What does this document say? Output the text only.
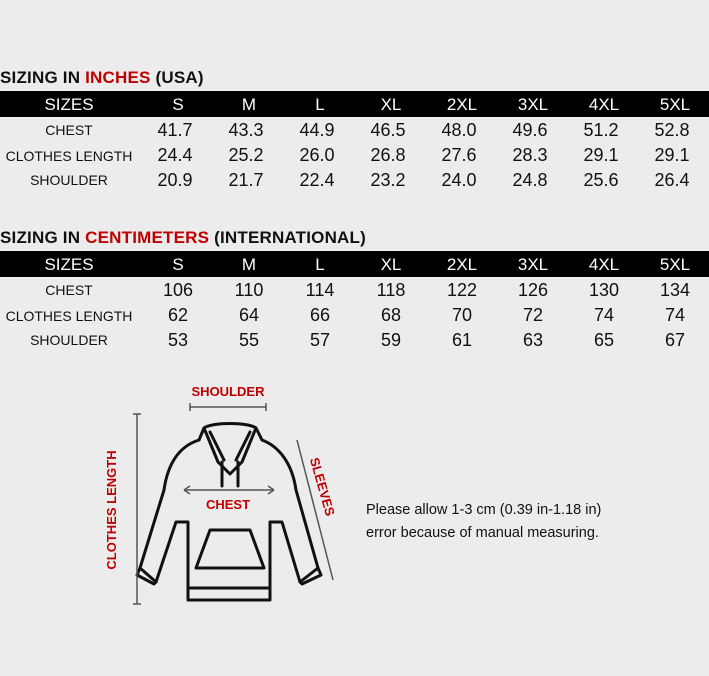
SIZING IN INCHES (USA)
SIZES	S	M	L	XL	2XL	3XL	4XL	5XL
CHEST	41.7	43.3	44.9	46.5	48.0	49.6	51.2	52.8
CLOTHES LENGTH	24.4	25.2	26.0	26.8	27.6	28.3	29.1	29.1
SHOULDER	20.9	21.7	22.4	23.2	24.0	24.8	25.6	26.4
SIZING IN CENTIMETERS (INTERNATIONAL)
SIZES	S	M	L	XL	2XL	3XL	4XL	5XL
CHEST	106	110	114	118	122	126	130	134
CLOTHES LENGTH	62	64	66	68	70	72	74	74
SHOULDER	53	55	57	59	61	63	65	67
SHOULDER
CHEST	SLEEVES
CLOTHES LENGTH	Please allow 1-3 cm (0.39 in-1.18 in)
error because of manual measuring.
